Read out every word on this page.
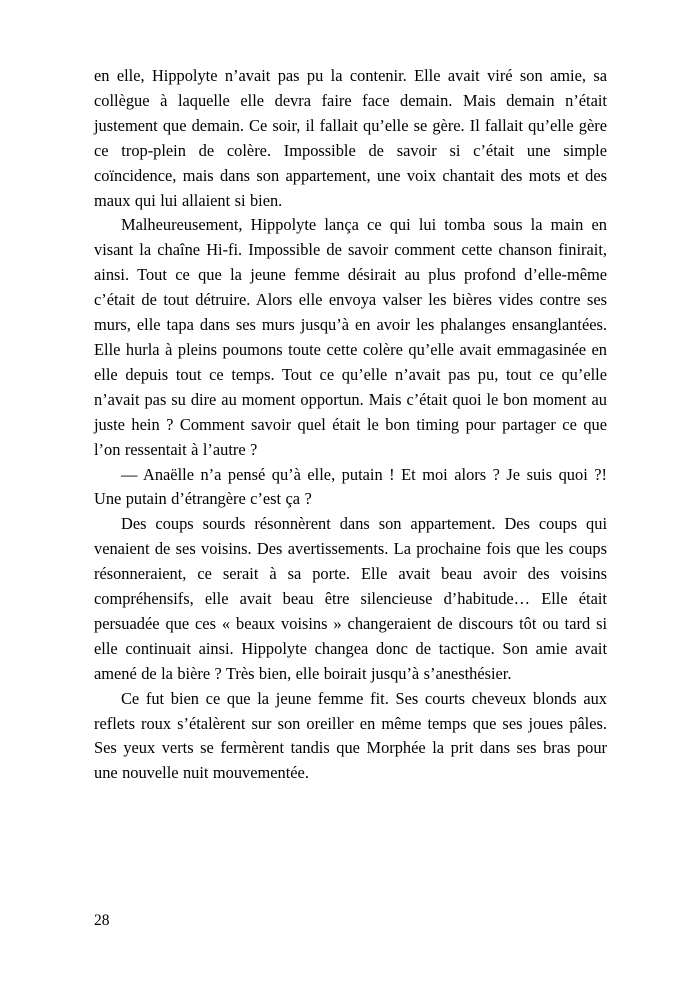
en elle, Hippolyte n’avait pas pu la contenir. Elle avait viré son amie, sa collègue à laquelle elle devra faire face demain. Mais demain n’était justement que demain. Ce soir, il fallait qu’elle se gère. Il fallait qu’elle gère ce trop-plein de colère. Impossible de savoir si c’était une simple coïncidence, mais dans son appartement, une voix chantait des mots et des maux qui lui allaient si bien.

Malheureusement, Hippolyte lança ce qui lui tomba sous la main en visant la chaîne Hi-fi. Impossible de savoir comment cette chanson finirait, ainsi. Tout ce que la jeune femme désirait au plus profond d’elle-même c’était de tout détruire. Alors elle envoya valser les bières vides contre ses murs, elle tapa dans ses murs jusqu’à en avoir les phalanges ensanglantées. Elle hurla à pleins poumons toute cette colère qu’elle avait emmagasinée en elle depuis tout ce temps. Tout ce qu’elle n’avait pas pu, tout ce qu’elle n’avait pas su dire au moment opportun. Mais c’était quoi le bon moment au juste hein ? Comment savoir quel était le bon timing pour partager ce que l’on ressentait à l’autre ?

— Anaëlle n’a pensé qu’à elle, putain ! Et moi alors ? Je suis quoi ?! Une putain d’étrangère c’est ça ?

Des coups sourds résonnèrent dans son appartement. Des coups qui venaient de ses voisins. Des avertissements. La prochaine fois que les coups résonneraient, ce serait à sa porte. Elle avait beau avoir des voisins compréhensifs, elle avait beau être silencieuse d’habitude… Elle était persuadée que ces « beaux voisins » changeraient de discours tôt ou tard si elle continuait ainsi. Hippolyte changea donc de tactique. Son amie avait amené de la bière ? Très bien, elle boirait jusqu’à s’anesthésier.

Ce fut bien ce que la jeune femme fit. Ses courts cheveux blonds aux reflets roux s’étalèrent sur son oreiller en même temps que ses joues pâles. Ses yeux verts se fermèrent tandis que Morphée la prit dans ses bras pour une nouvelle nuit mouvementée.

28
